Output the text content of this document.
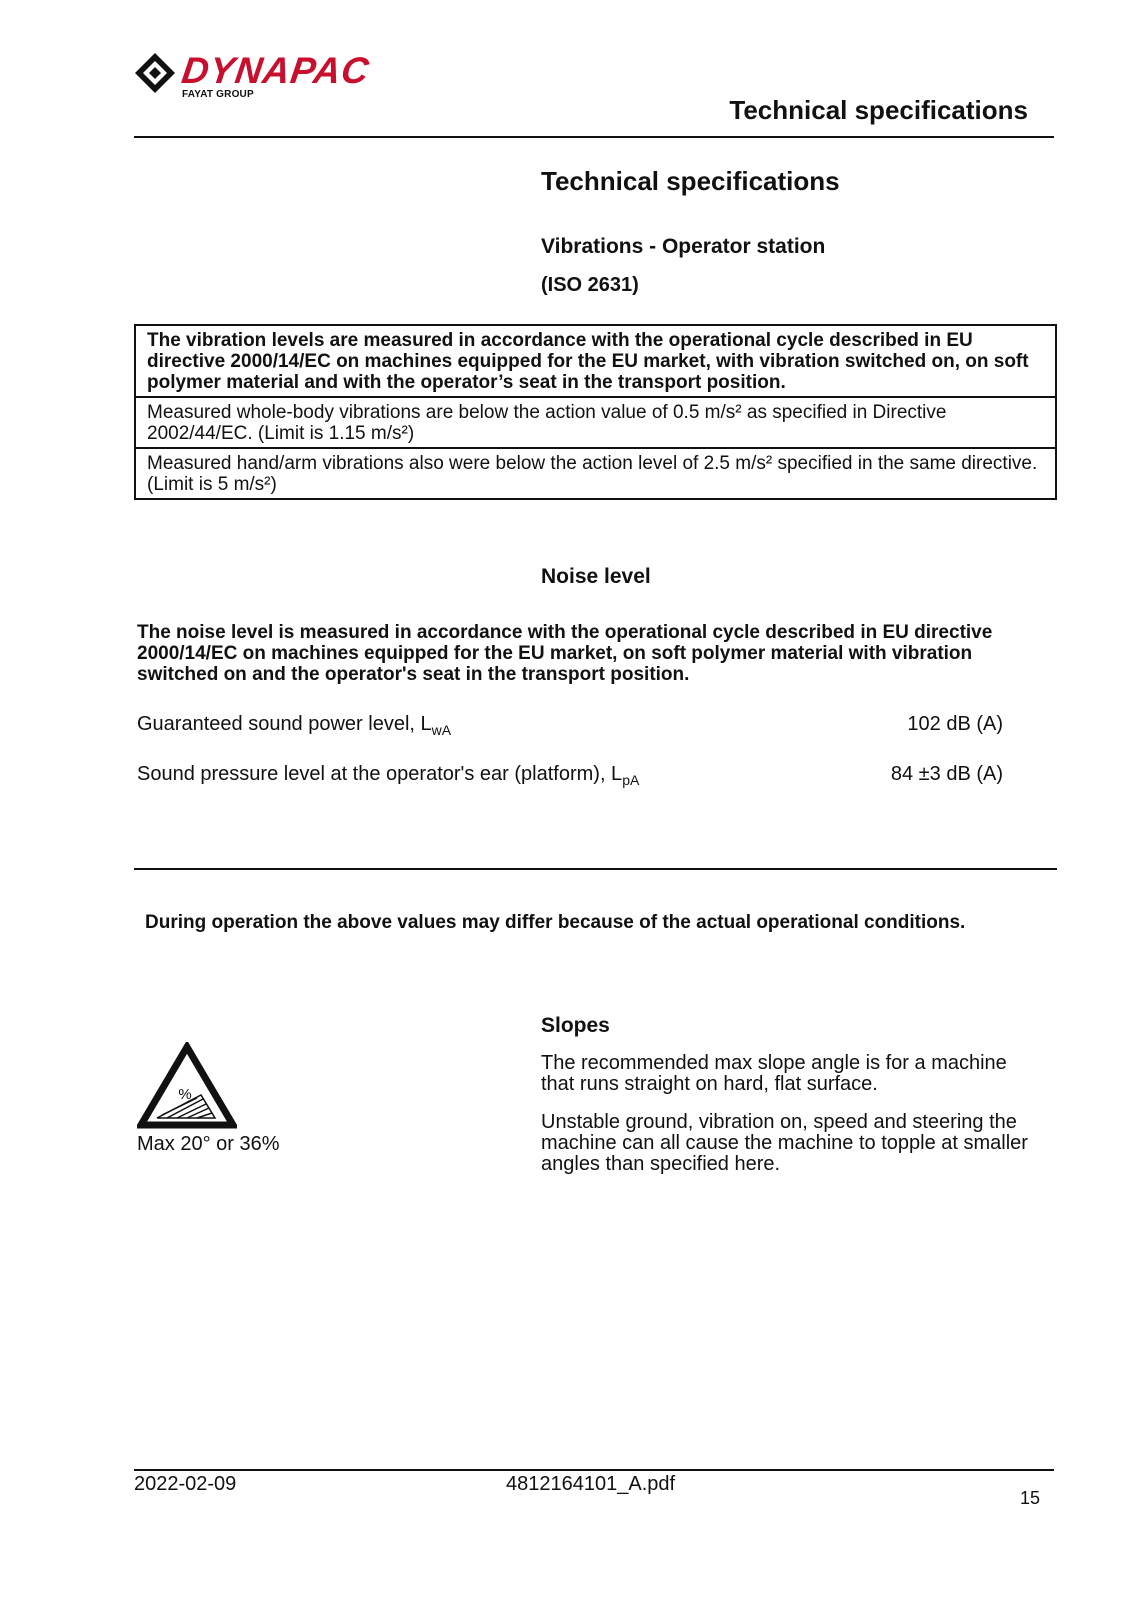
DYNAPAC
FAYAT GROUP
Technical specifications
Technical specifications
Vibrations - Operator station
(ISO 2631)
The vibration levels are measured in accordance with the operational cycle described in EU directive 2000/14/EC on machines equipped for the EU market, with vibration switched on, on soft polymer material and with the operator’s seat in the transport position.
Measured whole-body vibrations are below the action value of 0.5 m/s² as specified in Directive 2002/44/EC. (Limit is 1.15 m/s²)
Measured hand/arm vibrations also were below the action level of 2.5 m/s² specified in the same directive. (Limit is 5 m/s²)
Noise level
The noise level is measured in accordance with the operational cycle described in EU directive 2000/14/EC on machines equipped for the EU market, on soft polymer material with vibration switched on and the operator's seat in the transport position.
Guaranteed sound power level, $L_{wA}$	102 dB (A)
Sound pressure level at the operator's ear (platform), $L_{pA}$	84 ±3 dB (A)
During operation the above values may differ because of the actual operational conditions.
Slopes
%
Max 20° or 36%
The recommended max slope angle is for a machine that runs straight on hard, flat surface.
Unstable ground, vibration on, speed and steering the machine can all cause the machine to topple at smaller angles than specified here.
2022-02-09	4812164101_A.pdf
15
